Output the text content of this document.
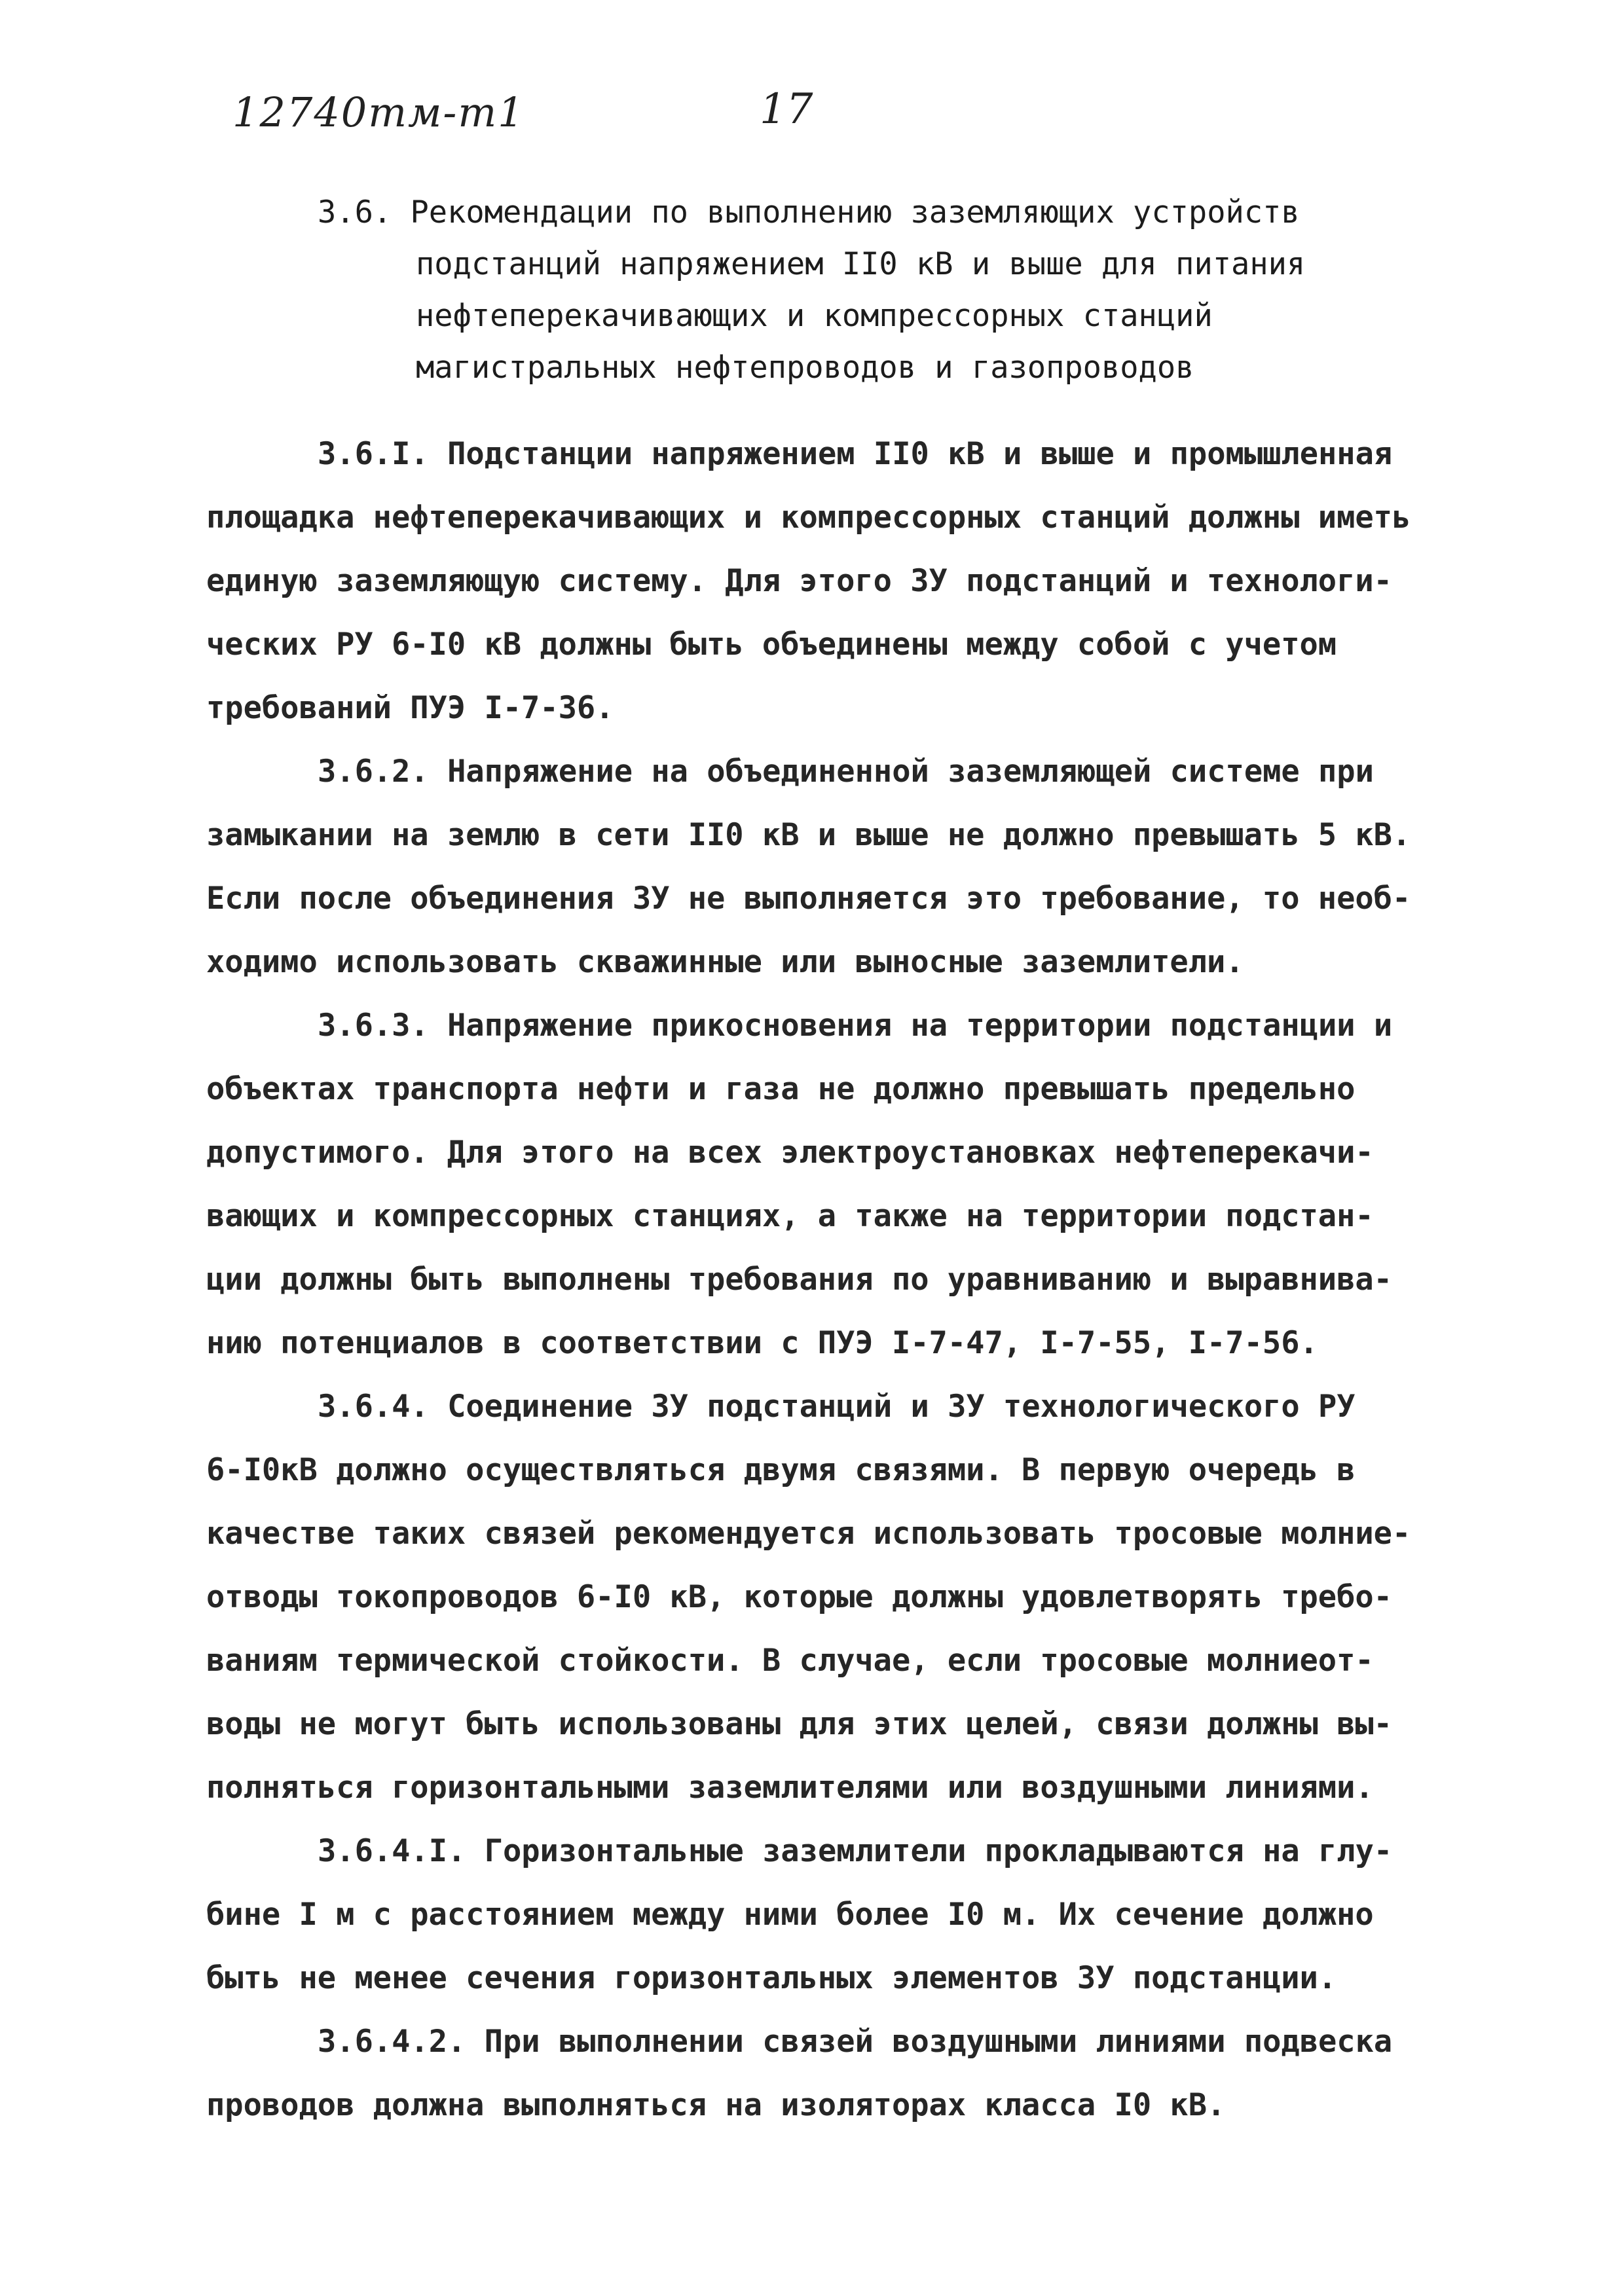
12740тм-т1	17

3.6. Рекомендации по выполнению заземляющих устройств

подстанций напряжением II0 кВ и выше для питания

нефтеперекачивающих и компрессорных станций

магистральных нефтепроводов и газопроводов

3.6.I. Подстанции напряжением II0 кВ и выше и промышленная

площадка нефтеперекачивающих и компрессорных станций должны иметь

единую заземляющую систему. Для этого ЗУ подстанций и технологи-

ческих РУ 6-I0 кВ должны быть объединены между собой с учетом

требований ПУЭ I-7-36.

3.6.2. Напряжение на объединенной заземляющей системе при

замыкании на землю в сети II0 кВ и выше не должно превышать 5 кВ.

Если после объединения ЗУ не выполняется это требование, то необ-

ходимо использовать скважинные или выносные заземлители.

3.6.3. Напряжение прикосновения на территории подстанции и

объектах транспорта нефти и газа не должно превышать предельно

допустимого. Для этого на всех электроустановках нефтеперекачи-

вающих и компрессорных станциях, а также на территории подстан-

ции должны быть выполнены требования по уравниванию и выравнива-

нию потенциалов в соответствии с ПУЭ I-7-47, I-7-55, I-7-56.

3.6.4. Соединение ЗУ подстанций и ЗУ технологического РУ

6-I0кВ должно осуществляться двумя связями. В первую очередь в

качестве таких связей рекомендуется использовать тросовые молние-

отводы токопроводов 6-I0 кВ, которые должны удовлетворять требо-

ваниям термической стойкости. В случае, если тросовые молниеот-

воды не могут быть использованы для этих целей, связи должны вы-

полняться горизонтальными заземлителями или воздушными линиями.

3.6.4.I. Горизонтальные заземлители прокладываются на глу-

бине I м с расстоянием между ними более I0 м. Их сечение должно

быть не менее сечения горизонтальных элементов ЗУ подстанции.

3.6.4.2. При выполнении связей воздушными линиями подвеска

проводов должна выполняться на изоляторах класса I0 кВ.
